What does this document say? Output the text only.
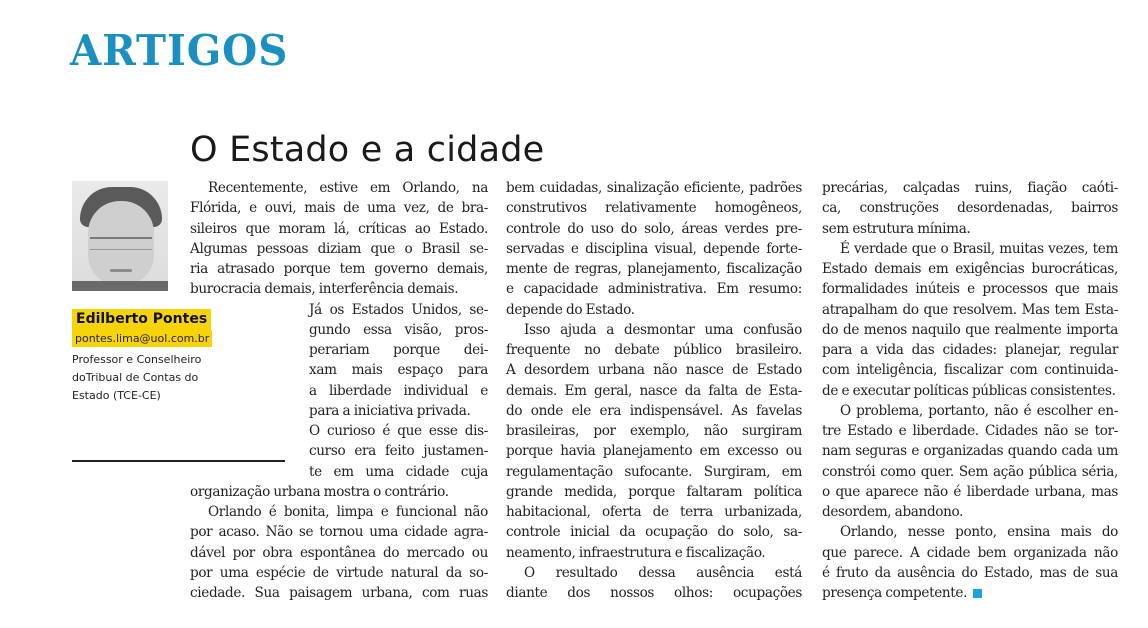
ARTIGOS
O Estado e a cidade
Edilberto Pontes
pontes.lima@uol.com.br
Professor e Conselheiro
doTribual de Contas do
Estado (TCE-CE)
Recentemente, estive em Orlando, na
Flórida, e ouvi, mais de uma vez, de bra-
sileiros que moram lá, críticas ao Estado.
Algumas pessoas diziam que o Brasil se-
ria atrasado porque tem governo demais,
burocracia demais, interferência demais.
Já os Estados Unidos, se-
gundo essa visão, pros-
perariam porque dei-
xam mais espaço para
a liberdade individual e
para a iniciativa privada.
O curioso é que esse dis-
curso era feito justamen-
te em uma cidade cuja
organização urbana mostra o contrário.
Orlando é bonita, limpa e funcional não
por acaso. Não se tornou uma cidade agra-
dável por obra espontânea do mercado ou
por uma espécie de virtude natural da so-
ciedade. Sua paisagem urbana, com ruas
bem cuidadas, sinalização eficiente, padrões
construtivos relativamente homogêneos,
controle do uso do solo, áreas verdes pre-
servadas e disciplina visual, depende forte-
mente de regras, planejamento, fiscalização
e capacidade administrativa. Em resumo:
depende do Estado.
Isso ajuda a desmontar uma confusão
frequente no debate público brasileiro.
A desordem urbana não nasce de Estado
demais. Em geral, nasce da falta de Esta-
do onde ele era indispensável. As favelas
brasileiras, por exemplo, não surgiram
porque havia planejamento em excesso ou
regulamentação sufocante. Surgiram, em
grande medida, porque faltaram política
habitacional, oferta de terra urbanizada,
controle inicial da ocupação do solo, sa-
neamento, infraestrutura e fiscalização.
O resultado dessa ausência está
diante dos nossos olhos: ocupações
precárias, calçadas ruins, fiação caóti-
ca, construções desordenadas, bairros
sem estrutura mínima.
É verdade que o Brasil, muitas vezes, tem
Estado demais em exigências burocráticas,
formalidades inúteis e processos que mais
atrapalham do que resolvem. Mas tem Esta-
do de menos naquilo que realmente importa
para a vida das cidades: planejar, regular
com inteligência, fiscalizar com continuida-
de e executar políticas públicas consistentes.
O problema, portanto, não é escolher en-
tre Estado e liberdade. Cidades não se tor-
nam seguras e organizadas quando cada um
constrói como quer. Sem ação pública séria,
o que aparece não é liberdade urbana, mas
desordem, abandono.
Orlando, nesse ponto, ensina mais do
que parece. A cidade bem organizada não
é fruto da ausência do Estado, mas de sua
presença competente.
